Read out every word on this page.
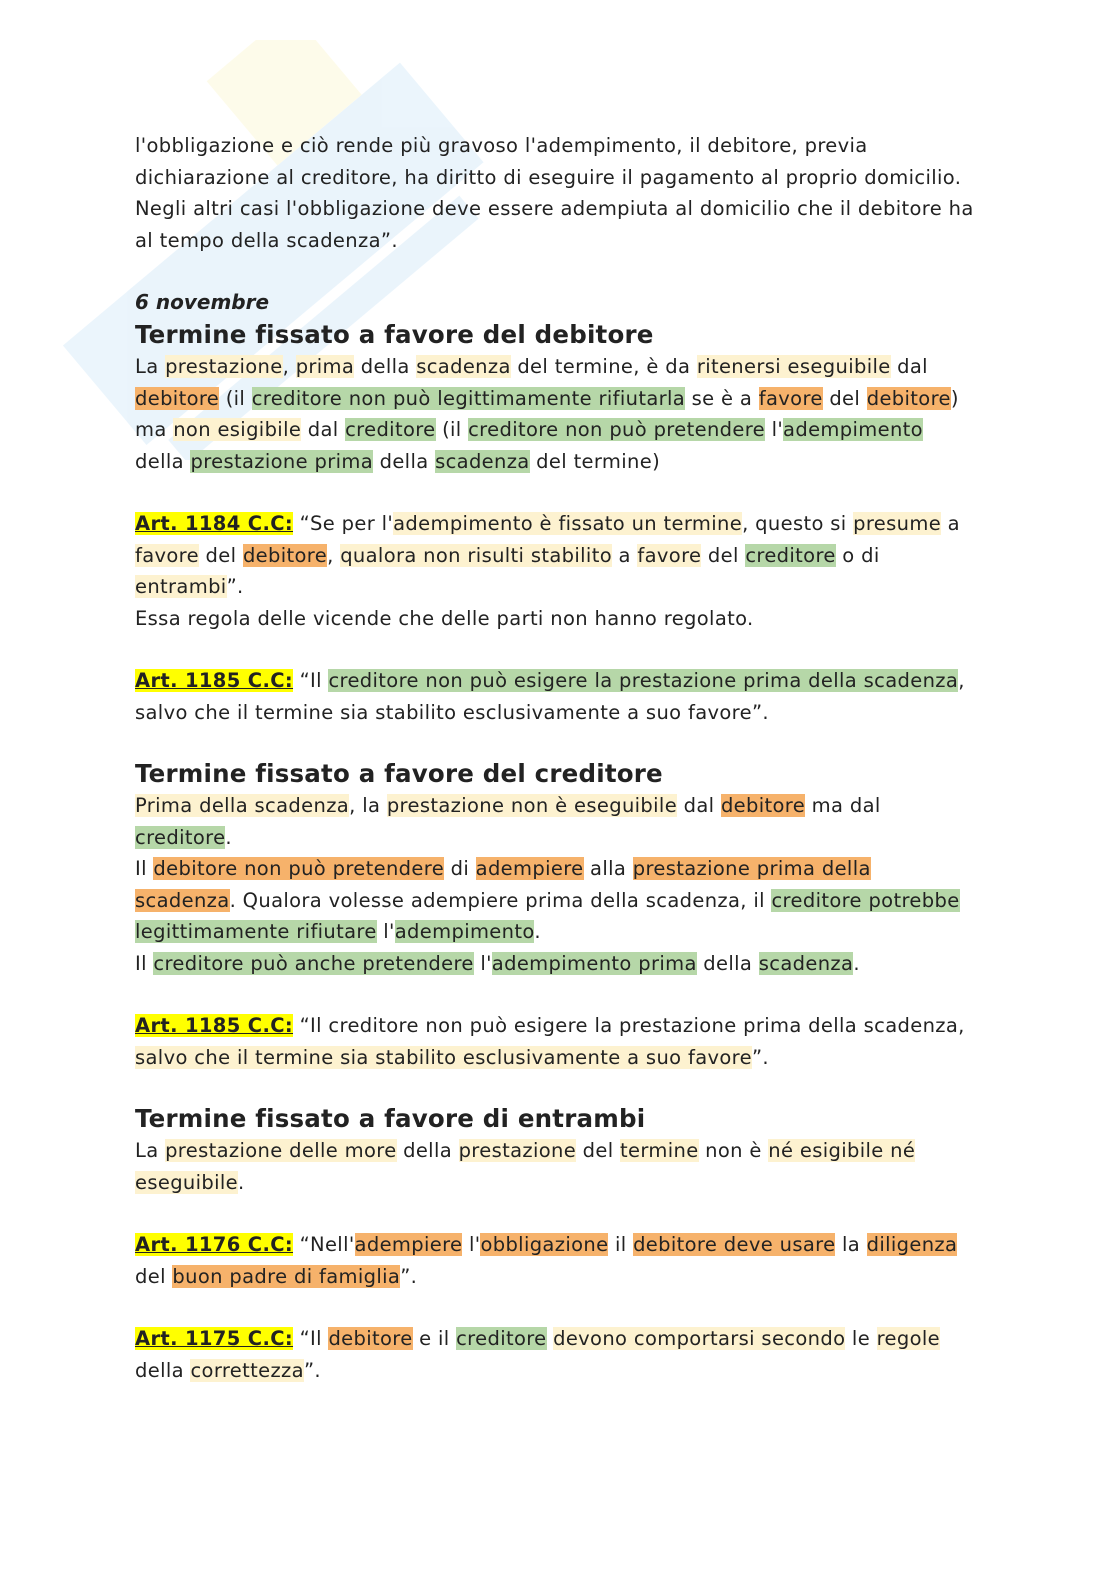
l'obbligazione e ciò rende più gravoso l'adempimento, il debitore, previa dichiarazione al creditore, ha diritto di eseguire il pagamento al proprio domicilio.

Negli altri casi l'obbligazione deve essere adempiuta al domicilio che il debitore ha al tempo della scadenza”.

6 novembre

Termine fissato a favore del debitore

La prestazione, prima della scadenza del termine, è da ritenersi eseguibile dal debitore (il creditore non può legittimamente rifiutarla se è a favore del debitore) ma non esigibile dal creditore (il creditore non può pretendere l'adempimento della prestazione prima della scadenza del termine)

Art. 1184 C.C: “Se per l'adempimento è fissato un termine, questo si presume a favore del debitore, qualora non risulti stabilito a favore del creditore o di entrambi”.

Essa regola delle vicende che delle parti non hanno regolato.

Art. 1185 C.C: “Il creditore non può esigere la prestazione prima della scadenza, salvo che il termine sia stabilito esclusivamente a suo favore”.

Termine fissato a favore del creditore

Prima della scadenza, la prestazione non è eseguibile dal debitore ma dal creditore.

Il debitore non può pretendere di adempiere alla prestazione prima della scadenza. Qualora volesse adempiere prima della scadenza, il creditore potrebbe legittimamente rifiutare l'adempimento.

Il creditore può anche pretendere l'adempimento prima della scadenza.

Art. 1185 C.C: “Il creditore non può esigere la prestazione prima della scadenza, salvo che il termine sia stabilito esclusivamente a suo favore”.

Termine fissato a favore di entrambi

La prestazione delle more della prestazione del termine non è né esigibile né eseguibile.

Art. 1176 C.C: “Nell'adempiere l'obbligazione il debitore deve usare la diligenza del buon padre di famiglia”.

Art. 1175 C.C: “Il debitore e il creditore devono comportarsi secondo le regole della correttezza”.
